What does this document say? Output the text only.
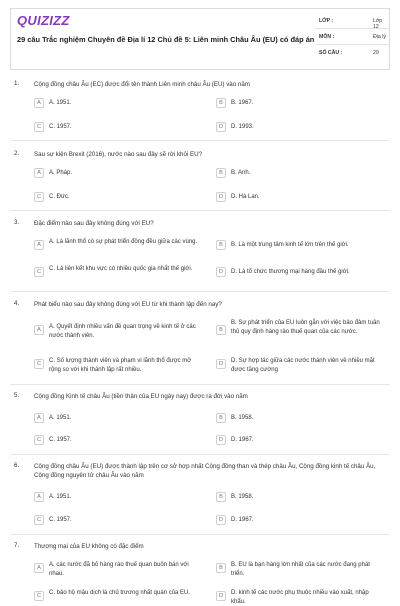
QUIZIZZ
29 câu Trắc nghiệm Chuyên đề Địa lí 12 Chủ đề 5: Liên minh Châu Âu (EU) có đáp án
LỚP :	Lớp 12
MÔN :	Địa lý
SỐ CÂU :	29
1. Cộng đồng châu Âu (EC) được đổi tên thành Liên minh châu Âu (EU) vào năm
A	A. 1951.	B	B. 1967.
C	C. 1957.	D	D. 1993.
2. Sau sự kiện Brexit (2016), nước nào sau đây sẽ rời khỏi EU?
A	A. Pháp.	B	B. Anh.
C	C. Đức.	D	D. Hà Lan.
3. Đặc điểm nào sau đây không đúng với EU?
A	A. Là lãnh thổ có sự phát triển đồng đều giữa các vùng.	B	B. Là một trung tâm kinh tế lớn trên thế giới.
C	C. Là liên kết khu vực có nhiều quốc gia nhất thế giới.	D	D. Là tổ chức thương mại hàng đầu thế giới.
4. Phát biểu nào sau đây không đúng với EU từ khi thành lập đến nay?
A	A. Quyết định nhiều vấn đề quan trọng về kinh tế ở các nước thành viên.
B
B. Sự phát triển của EU luôn gắn với việc bảo đảm tuân thủ quy định hàng rào thuế quan của các nước.
C	C. Số lượng thành viên và phạm vi lãnh thổ được mở rộng so với khi thành lập rất nhiều.
D	D. Sự hợp tác giữa các nước thành viên về nhiều mặt được tăng cường
5. Cộng đồng Kinh tế châu Âu (tiền thân của EU ngày nay) được ra đời vào năm
A	A. 1951.	B	B. 1958.
C	C. 1957.	D	D. 1967.
6. Cộng đồng châu Âu (EU) được thành lập trên cơ sở hợp nhất Cộng đồng than và thép châu Âu, Cộng đồng kinh tế châu Âu, Cộng đồng nguyên tử châu Âu vào năm
A	A. 1951.	B	B. 1958.
C	C. 1957.	D	D. 1967.
7. Thương mại của EU không có đặc điểm
A	A. các nước đã bỏ hàng rào thuế quan buôn bán với nhau.
B	B. EU là bạn hàng lớn nhất của các nước đang phát triển.
C	C. bảo hộ mậu dịch là chủ trương nhất quán của EU.	D	D. kinh tế các nước phụ thuộc nhiều vào xuất, nhập khẩu.
